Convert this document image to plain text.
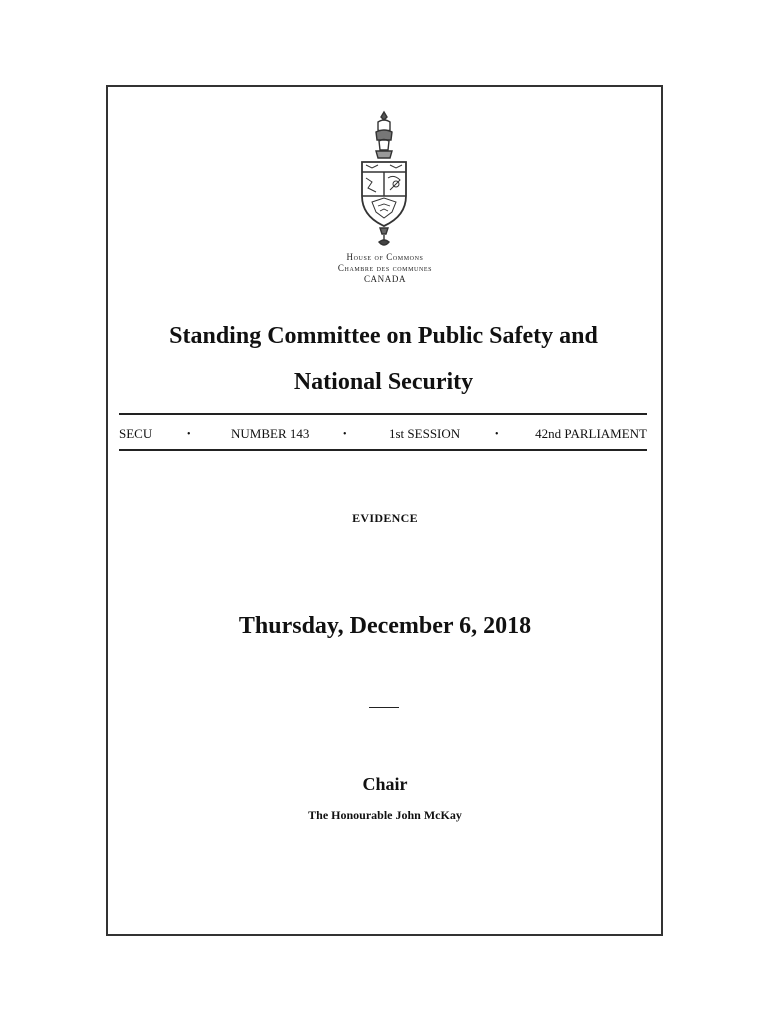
House of Commons
Chambre des communes
CANADA
Standing Committee on Public Safety and
National Security
SECU	•	NUMBER 143	•	1st SESSION	•	42nd PARLIAMENT
EVIDENCE
Thursday, December 6, 2018
Chair
The Honourable John McKay
